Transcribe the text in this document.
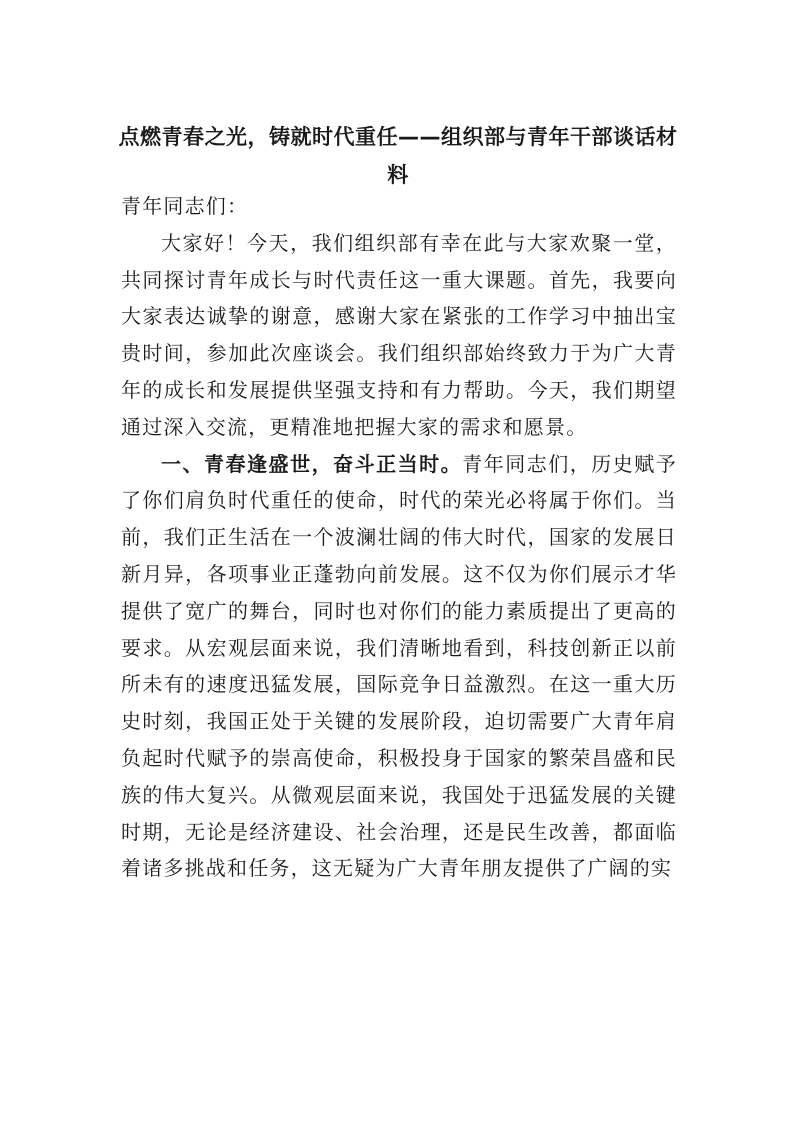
点燃青春之光，铸就时代重任——组织部与青年干部谈话材料

青年同志们：

大家好！今天，我们组织部有幸在此与大家欢聚一堂，共同探讨青年成长与时代责任这一重大课题。首先，我要向大家表达诚挚的谢意，感谢大家在紧张的工作学习中抽出宝贵时间，参加此次座谈会。我们组织部始终致力于为广大青年的成长和发展提供坚强支持和有力帮助。今天，我们期望通过深入交流，更精准地把握大家的需求和愿景。

一、青春逢盛世，奋斗正当时。青年同志们，历史赋予了你们肩负时代重任的使命，时代的荣光必将属于你们。当前，我们正生活在一个波澜壮阔的伟大时代，国家的发展日新月异，各项事业正蓬勃向前发展。这不仅为你们展示才华提供了宽广的舞台，同时也对你们的能力素质提出了更高的要求。从宏观层面来说，我们清晰地看到，科技创新正以前所未有的速度迅猛发展，国际竞争日益激烈。在这一重大历史时刻，我国正处于关键的发展阶段，迫切需要广大青年肩负起时代赋予的崇高使命，积极投身于国家的繁荣昌盛和民族的伟大复兴。从微观层面来说，我国处于迅猛发展的关键时期，无论是经济建设、社会治理，还是民生改善，都面临着诸多挑战和任务，这无疑为广大青年朋友提供了广阔的实
